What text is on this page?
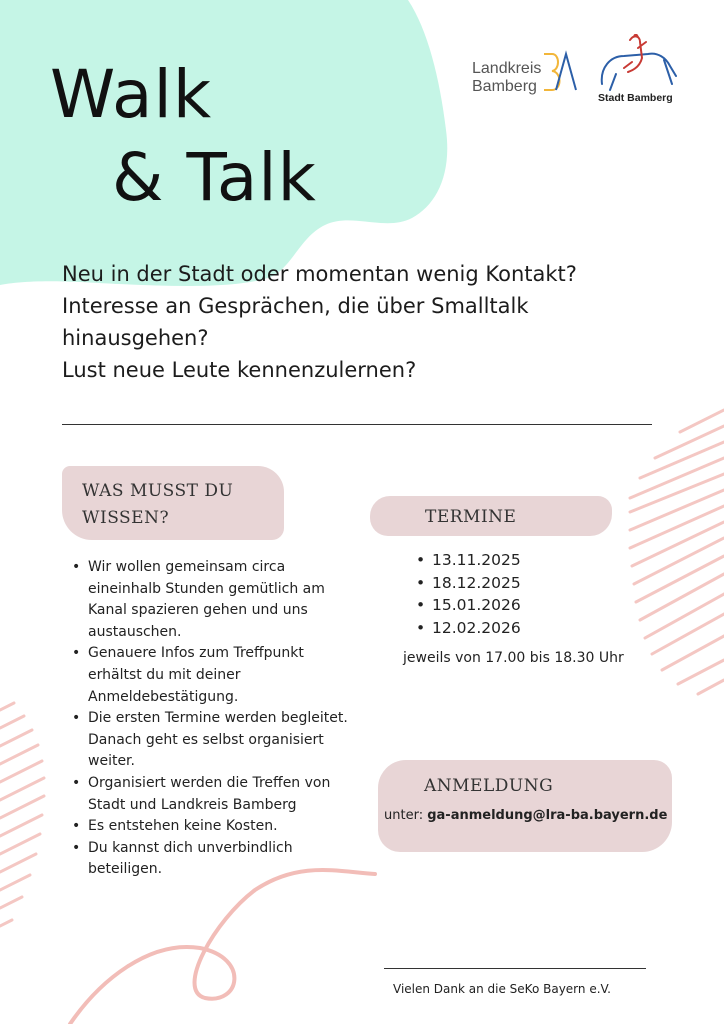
Walk
& Talk
Landkreis
Bamberg
Stadt Bamberg
Neu in der Stadt oder momentan wenig Kontakt?
Interesse an Gesprächen, die über Smalltalk
hinausgehen?
Lust neue Leute kennenzulernen?
WAS MUSST DU WISSEN?
• Wir wollen gemeinsam circa eineinhalb Stunden gemütlich am Kanal spazieren gehen und uns austauschen.
• Genauere Infos zum Treffpunkt erhältst du mit deiner Anmeldebestätigung.
• Die ersten Termine werden begleitet. Danach geht es selbst organisiert weiter.
• Organisiert werden die Treffen von Stadt und Landkreis Bamberg
• Es entstehen keine Kosten.
• Du kannst dich unverbindlich beteiligen.
TERMINE
• 13.11.2025
• 18.12.2025
• 15.01.2026
• 12.02.2026
jeweils von 17.00 bis 18.30 Uhr
ANMELDUNG
unter: ga-anmeldung@lra-ba.bayern.de
Vielen Dank an die SeKo Bayern e.V.
